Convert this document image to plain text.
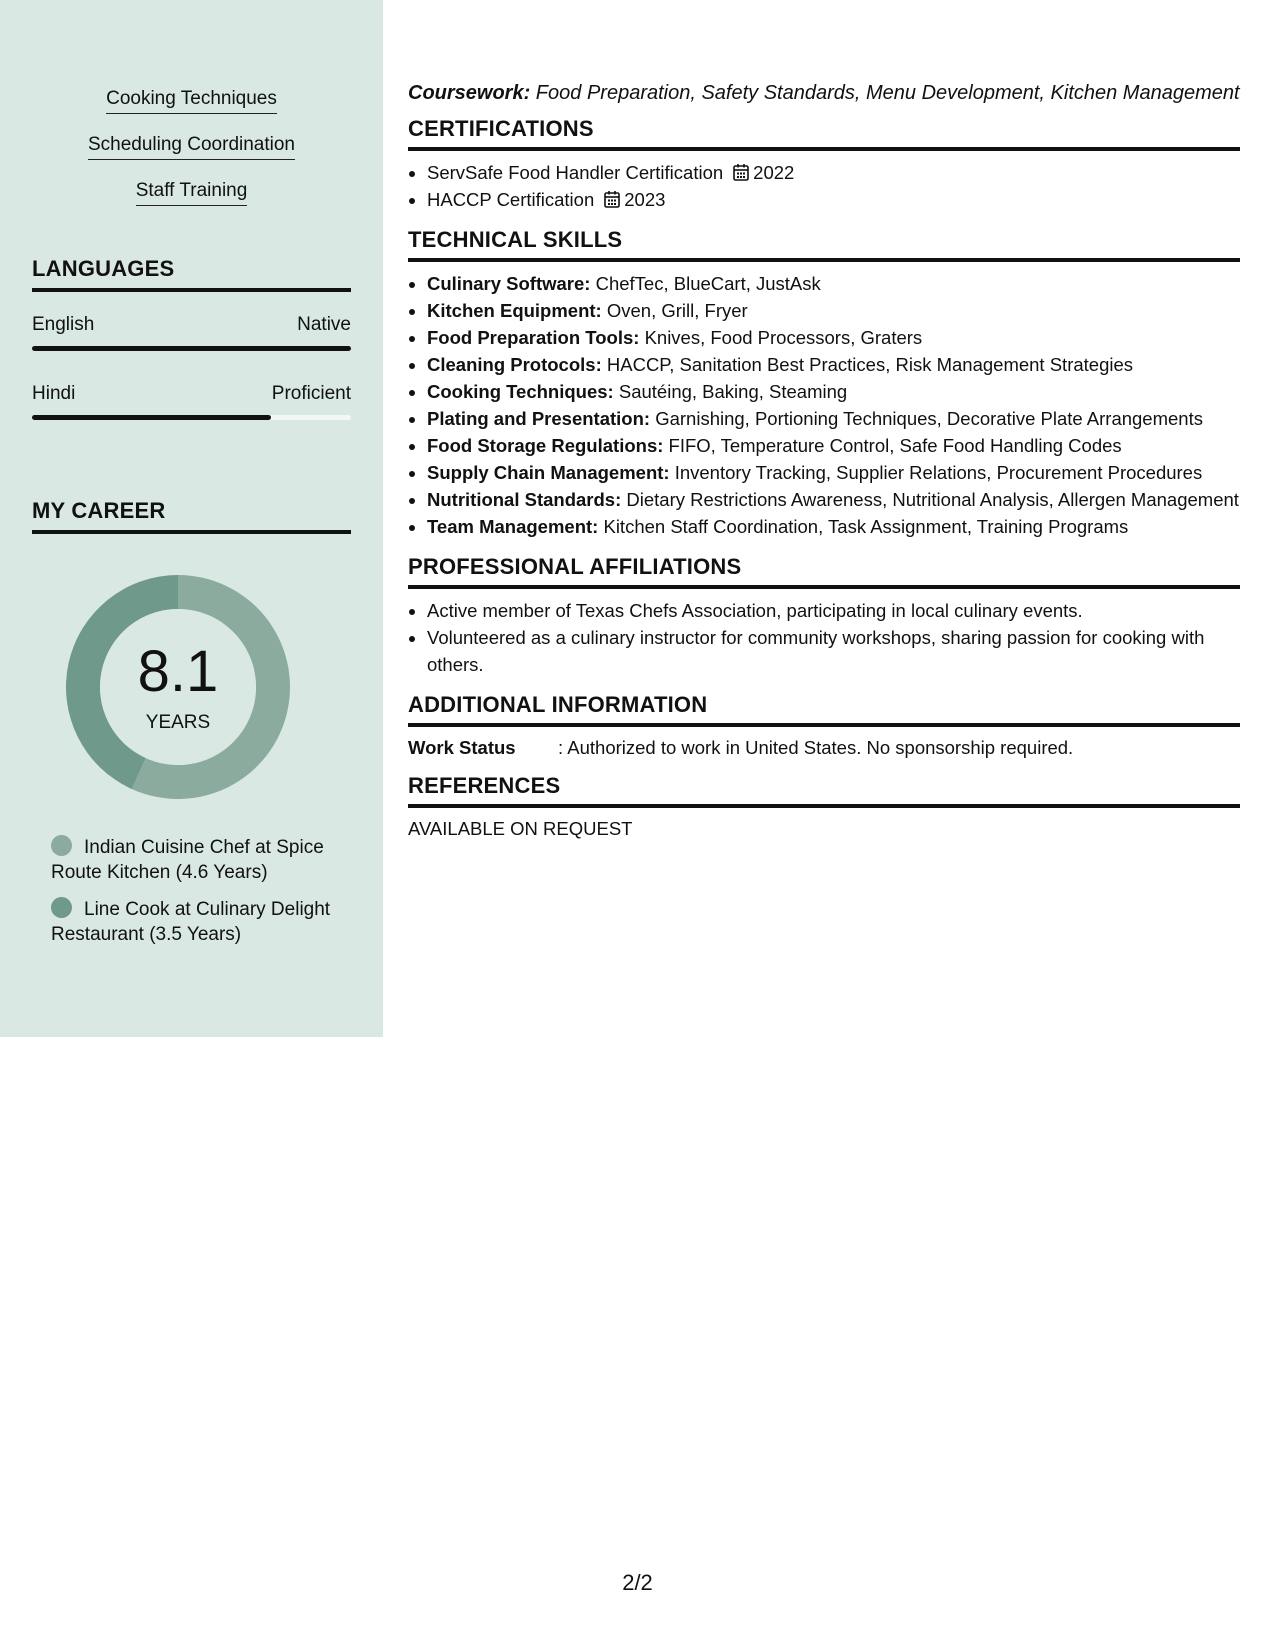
Cooking Techniques
Scheduling Coordination
Staff Training
LANGUAGES
English	Native
Hindi	Proficient
MY CAREER
8.1
YEARS
Indian Cuisine Chef at Spice Route Kitchen (4.6 Years)
Line Cook at Culinary Delight Restaurant (3.5 Years)
Coursework: Food Preparation, Safety Standards, Menu Development, Kitchen Management
CERTIFICATIONS
• ServSafe Food Handler Certification 2022
• HACCP Certification 2023
TECHNICAL SKILLS
• Culinary Software: ChefTec, BlueCart, JustAsk
• Kitchen Equipment: Oven, Grill, Fryer
• Food Preparation Tools: Knives, Food Processors, Graters
• Cleaning Protocols: HACCP, Sanitation Best Practices, Risk Management Strategies
• Cooking Techniques: Sautéing, Baking, Steaming
• Plating and Presentation: Garnishing, Portioning Techniques, Decorative Plate Arrangements
• Food Storage Regulations: FIFO, Temperature Control, Safe Food Handling Codes
• Supply Chain Management: Inventory Tracking, Supplier Relations, Procurement Procedures
• Nutritional Standards: Dietary Restrictions Awareness, Nutritional Analysis, Allergen Management
• Team Management: Kitchen Staff Coordination, Task Assignment, Training Programs
PROFESSIONAL AFFILIATIONS
• Active member of Texas Chefs Association, participating in local culinary events.
• Volunteered as a culinary instructor for community workshops, sharing passion for cooking with others.
ADDITIONAL INFORMATION
Work Status : Authorized to work in United States. No sponsorship required.
REFERENCES
AVAILABLE ON REQUEST
2/2
